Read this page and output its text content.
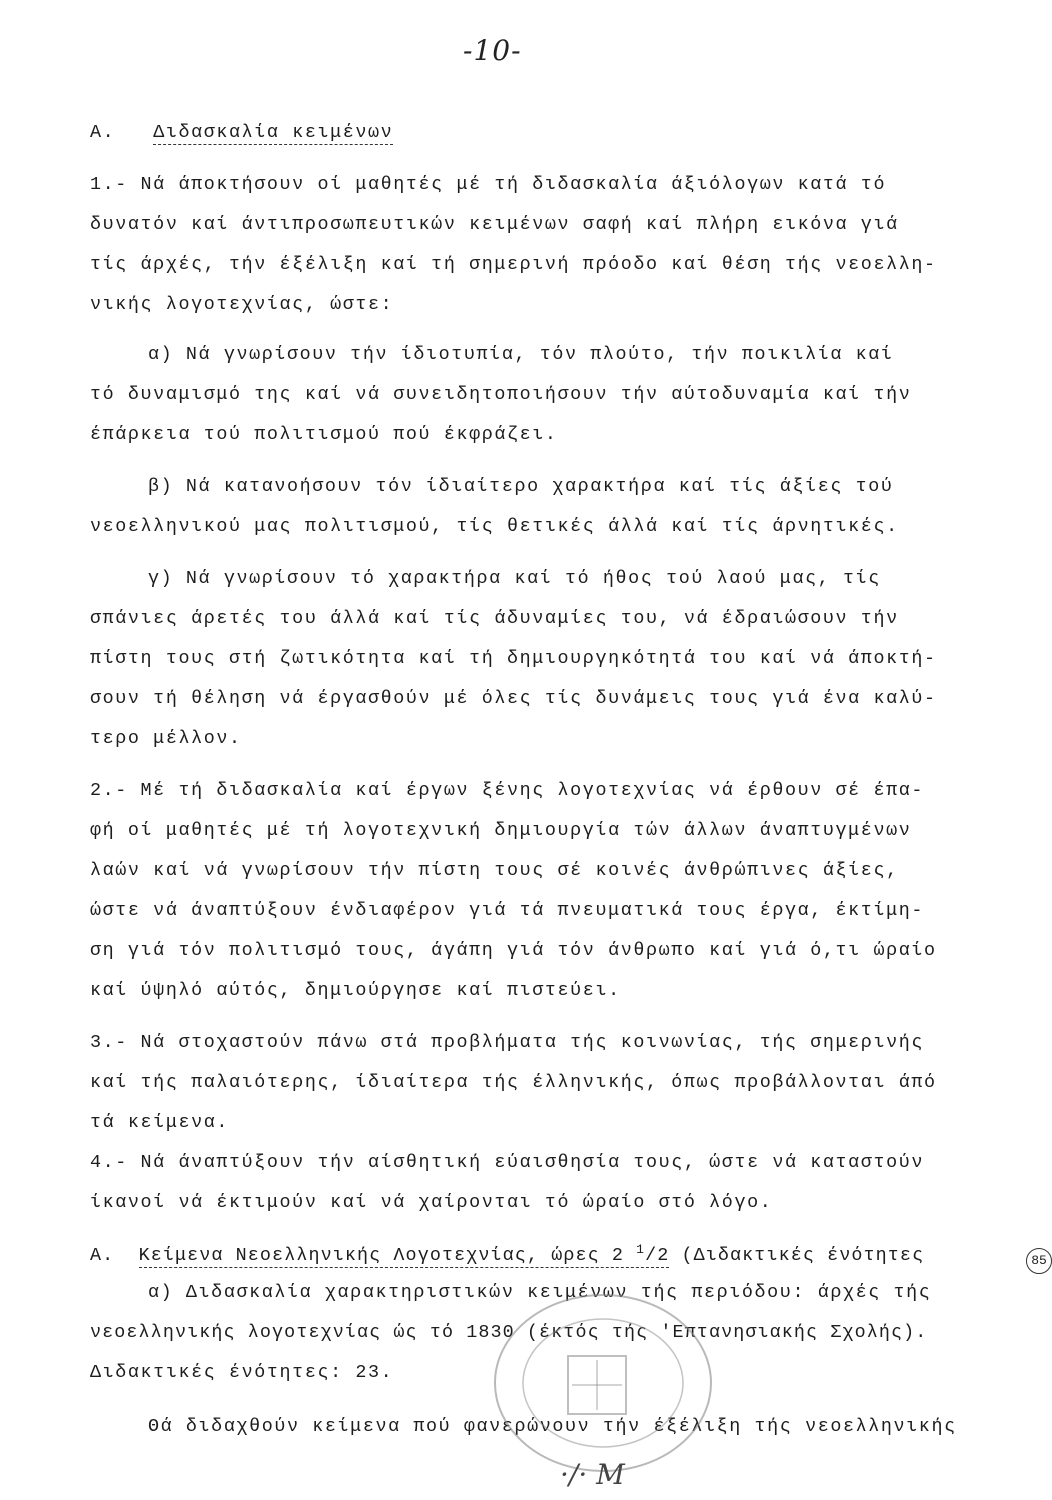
-10-
Α. Διδασκαλία κειμένων
1.- Νά άποκτήσουν οί μαθητές μέ τή διδασκαλία άξιόλογων κατά τό
δυνατόν καί άντιπροσωπευτικών κειμένων σαφή καί πλήρη εικόνα γιά
τίς άρχές, τήν έξέλιξη καί τή σημερινή πρόοδο καί θέση τής νεοελλη-
νικής λογοτεχνίας, ώστε:
α) Νά γνωρίσουν τήν ίδιοτυπία, τόν πλούτο, τήν ποικιλία καί
τό δυναμισμό της καί νά συνειδητοποιήσουν τήν αύτοδυναμία καί τήν
έπάρκεια τού πολιτισμού πού έκφράζει.
β) Νά κατανοήσουν τόν ίδιαίτερο χαρακτήρα καί τίς άξίες τού
νεοελληνικού μας πολιτισμού, τίς θετικές άλλά καί τίς άρνητικές.
γ) Νά γνωρίσουν τό χαρακτήρα καί τό ήθος τού λαού μας, τίς
σπάνιες άρετές του άλλά καί τίς άδυναμίες του, νά έδραιώσουν τήν
πίστη τους στή ζωτικότητα καί τή δημιουργηκότητά του καί νά άποκτή-
σουν τή θέληση νά έργασθούν μέ όλες τίς δυνάμεις τους γιά ένα καλύ-
τερο μέλλον.
2.- Μέ τή διδασκαλία καί έργων ξένης λογοτεχνίας νά έρθουν σέ έπα-
φή οί μαθητές μέ τή λογοτεχνική δημιουργία τών άλλων άναπτυγμένων
λαών καί νά γνωρίσουν τήν πίστη τους σέ κοινές άνθρώπινες άξίες,
ώστε νά άναπτύξουν ένδιαφέρον γιά τά πνευματικά τους έργα, έκτίμη-
ση γιά τόν πολιτισμό τους, άγάπη γιά τόν άνθρωπο καί γιά ό,τι ώραίο
καί ύψηλό αύτός, δημιούργησε καί πιστεύει.
3.- Νά στοχαστούν πάνω στά προβλήματα τής κοινωνίας, τής σημερινής
καί τής παλαιότερης, ίδιαίτερα τής έλληνικής, όπως προβάλλονται άπό
τά κείμενα.
4.- Νά άναπτύξουν τήν αίσθητική εύαισθησία τους, ώστε νά καταστούν
ίκανοί νά έκτιμούν καί νά χαίρονται τό ώραίο στό λόγο.
Α. Κείμενα Νεοελληνικής Λογοτεχνίας, ώρες 2 $^1$/2 (Διδακτικές ένότητες	85
α) Διδασκαλία χαρακτηριστικών κειμένων τής περιόδου: άρχές τής
νεοελληνικής λογοτεχνίας ώς τό 1830 (έκτός τής 'Επτανησιακής Σχολής).
Διδακτικές ένότητες: 23.
Θά διδαχθούν κείμενα πού φανερώνουν τήν έξέλιξη τής νεοελληνικής
·/· Μ
